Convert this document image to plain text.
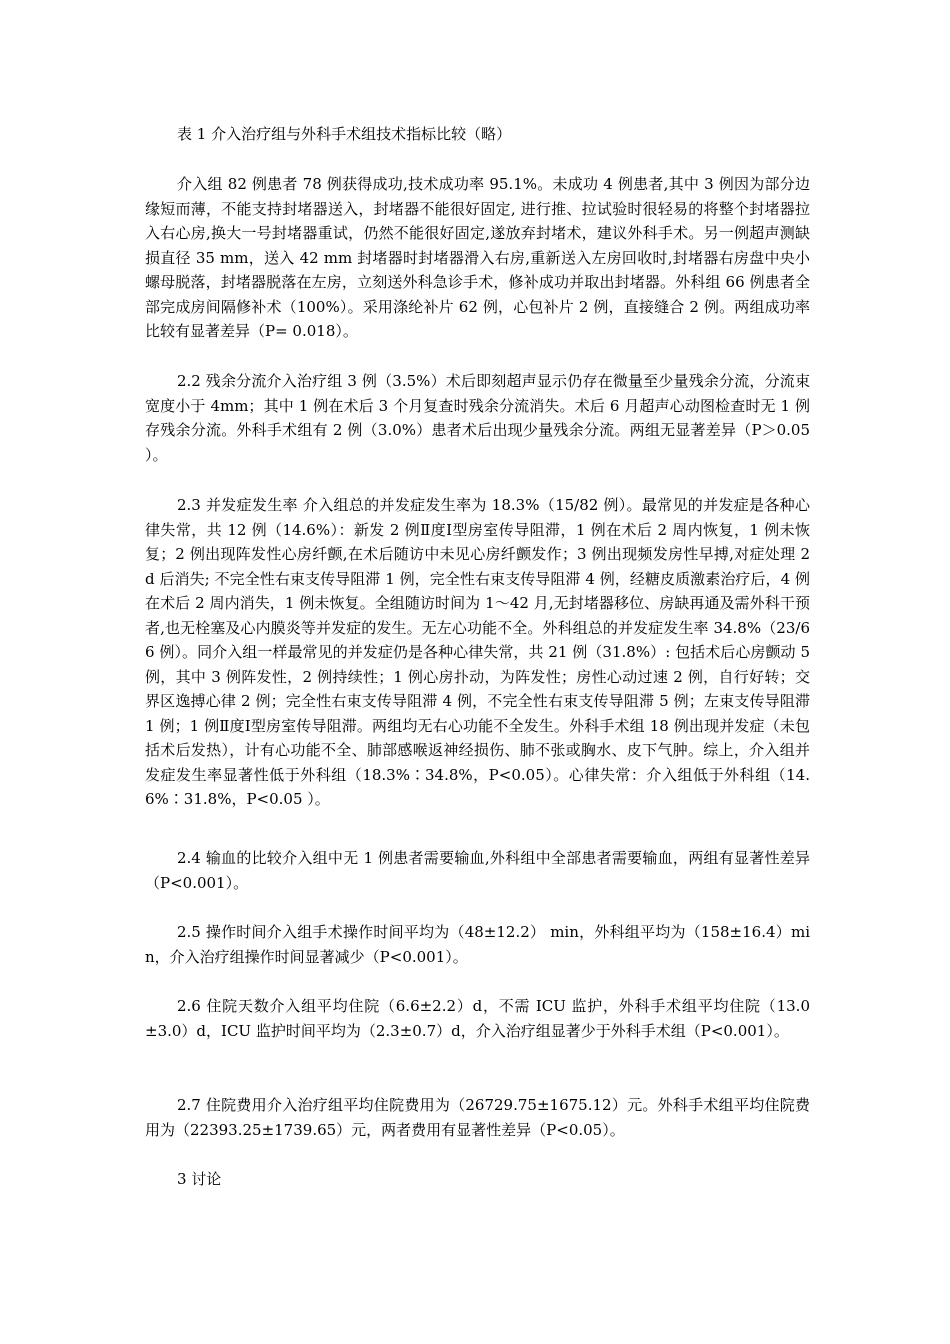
表 1 介入治疗组与外科手术组技术指标比较（略）

介入组 82 例患者 78 例获得成功,技术成功率 95.1%。未成功 4 例患者,其中 3 例因为部分边缘短而薄，不能支持封堵器送入，封堵器不能很好固定, 进行推、拉试验时很轻易的将整个封堵器拉入右心房,换大一号封堵器重试，仍然不能很好固定,遂放弃封堵术，建议外科手术。另一例超声测缺损直径 35 mm，送入 42 mm 封堵器时封堵器滑入右房,重新送入左房回收时,封堵器右房盘中央小螺母脱落，封堵器脱落在左房，立刻送外科急诊手术，修补成功并取出封堵器。外科组 66 例患者全部完成房间隔修补术（100%）。采用涤纶补片 62 例，心包补片 2 例，直接缝合 2 例。两组成功率比较有显著差异（P= 0.018）。

2.2 残余分流介入治疗组 3 例（3.5%）术后即刻超声显示仍存在微量至少量残余分流，分流束宽度小于 4mm；其中 1 例在术后 3 个月复查时残余分流消失。术后 6 月超声心动图检查时无 1 例存残余分流。外科手术组有 2 例（3.0%）患者术后出现少量残余分流。两组无显著差异（P＞0.05 ）。

2.3 并发症发生率 介入组总的并发症发生率为 18.3%（15/82 例）。最常见的并发症是各种心律失常，共 12 例（14.6%）：新发 2 例Ⅱ度Ⅰ型房室传导阻滞，1 例在术后 2 周内恢复，1 例未恢复；2 例出现阵发性心房纤颤,在术后随访中未见心房纤颤发作；3 例出现频发房性早搏,对症处理 2 d 后消失; 不完全性右束支传导阻滞 1 例，完全性右束支传导阻滞 4 例，经糖皮质激素治疗后，4 例在术后 2 周内消失，1 例未恢复。全组随访时间为 1～42 月,无封堵器移位、房缺再通及需外科干预者,也无栓塞及心内膜炎等并发症的发生。无左心功能不全。外科组总的并发症发生率 34.8%（23/66 例）。同介入组一样最常见的并发症仍是各种心律失常，共 21 例（31.8%）: 包括术后心房颤动 5 例，其中 3 例阵发性，2 例持续性；1 例心房扑动，为阵发性；房性心动过速 2 例，自行好转；交界区逸搏心律 2 例；完全性右束支传导阻滞 4 例，不完全性右束支传导阻滞 5 例；左束支传导阻滞 1 例；1 例Ⅱ度Ⅰ型房室传导阻滞。两组均无右心功能不全发生。外科手术组 18 例出现并发症（未包括术后发热），计有心功能不全、肺部感喉返神经损伤、肺不张或胸水、皮下气肿。综上，介入组并发症发生率显著性低于外科组（18.3%∶34.8%，P<0.05）。心律失常：介入组低于外科组（14.6%∶31.8%，P<0.05 ）。

2.4 输血的比较介入组中无 1 例患者需要输血,外科组中全部患者需要输血，两组有显著性差异（P<0.001）。

2.5 操作时间介入组手术操作时间平均为（48±12.2） min，外科组平均为（158±16.4）min，介入治疗组操作时间显著减少（P<0.001）。

2.6 住院天数介入组平均住院（6.6±2.2）d，不需 ICU 监护，外科手术组平均住院（13.0±3.0）d，ICU 监护时间平均为（2.3±0.7）d，介入治疗组显著少于外科手术组（P<0.001）。

2.7 住院费用介入治疗组平均住院费用为（26729.75±1675.12）元。外科手术组平均住院费用为（22393.25±1739.65）元，两者费用有显著性差异（P<0.05）。

3 讨论
